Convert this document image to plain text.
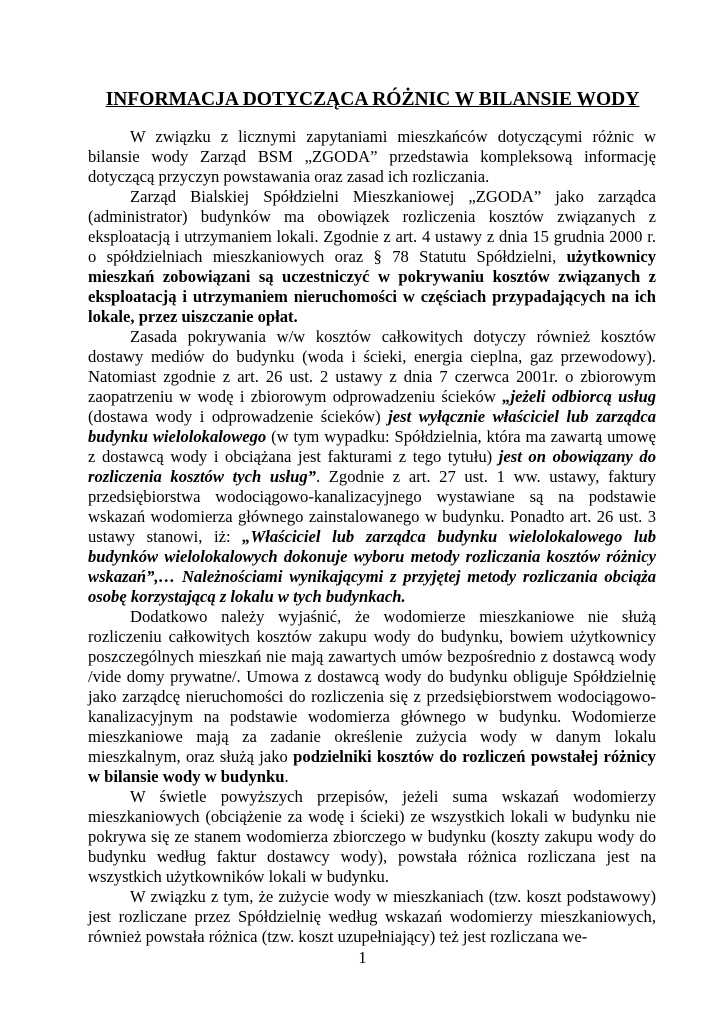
INFORMACJA DOTYCZĄCA RÓŻNIC W BILANSIE WODY

W związku z licznymi zapytaniami mieszkańców dotyczącymi różnic w bilansie wody Zarząd BSM „ZGODA” przedstawia kompleksową informację dotyczącą przyczyn powstawania oraz zasad ich rozliczania.

Zarząd Bialskiej Spółdzielni Mieszkaniowej „ZGODA” jako zarządca (administrator) budynków ma obowiązek rozliczenia kosztów związanych z eksploatacją i utrzymaniem lokali. Zgodnie z art. 4 ustawy z dnia 15 grudnia 2000 r. o spółdzielniach mieszkaniowych oraz § 78 Statutu Spółdzielni, użytkownicy mieszkań zobowiązani są uczestniczyć w pokrywaniu kosztów związanych z eksploatacją i utrzymaniem nieruchomości w częściach przypadających na ich lokale, przez uiszczanie opłat.

Zasada pokrywania w/w kosztów całkowitych dotyczy również kosztów dostawy mediów do budynku (woda i ścieki, energia cieplna, gaz przewodowy). Natomiast zgodnie z art. 26 ust. 2 ustawy z dnia 7 czerwca 2001r. o zbiorowym zaopatrzeniu w wodę i zbiorowym odprowadzeniu ścieków „jeżeli odbiorcą usług (dostawa wody i odprowadzenie ścieków) jest wyłącznie właściciel lub zarządca budynku wielolokalowego (w tym wypadku: Spółdzielnia, która ma zawartą umowę z dostawcą wody i obciążana jest fakturami z tego tytułu) jest on obowiązany do rozliczenia kosztów tych usług”. Zgodnie z art. 27 ust. 1 ww. ustawy, faktury przedsiębiorstwa wodociągowo-kanalizacyjnego wystawiane są na podstawie wskazań wodomierza głównego zainstalowanego w budynku. Ponadto art. 26 ust. 3 ustawy stanowi, iż: „Właściciel lub zarządca budynku wielolokalowego lub budynków wielolokalowych dokonuje wyboru metody rozliczania kosztów różnicy wskazań”,… Należnościami wynikającymi z przyjętej metody rozliczania obciąża osobę korzystającą z lokalu w tych budynkach.

Dodatkowo należy wyjaśnić, że wodomierze mieszkaniowe nie służą rozliczeniu całkowitych kosztów zakupu wody do budynku, bowiem użytkownicy poszczególnych mieszkań nie mają zawartych umów bezpośrednio z dostawcą wody /vide domy prywatne/. Umowa z dostawcą wody do budynku obliguje Spółdzielnię jako zarządcę nieruchomości do rozliczenia się z przedsiębiorstwem wodociągowo-kanalizacyjnym na podstawie wodomierza głównego w budynku. Wodomierze mieszkaniowe mają za zadanie określenie zużycia wody w danym lokalu mieszkalnym, oraz służą jako podzielniki kosztów do rozliczeń powstałej różnicy w bilansie wody w budynku.

W świetle powyższych przepisów, jeżeli suma wskazań wodomierzy mieszkaniowych (obciążenie za wodę i ścieki) ze wszystkich lokali w budynku nie pokrywa się ze stanem wodomierza zbiorczego w budynku (koszty zakupu wody do budynku według faktur dostawcy wody), powstała różnica rozliczana jest na wszystkich użytkowników lokali w budynku.

W związku z tym, że zużycie wody w mieszkaniach (tzw. koszt podstawowy) jest rozliczane przez Spółdzielnię według wskazań wodomierzy mieszkaniowych, również powstała różnica (tzw. koszt uzupełniający) też jest rozliczana we-

1
